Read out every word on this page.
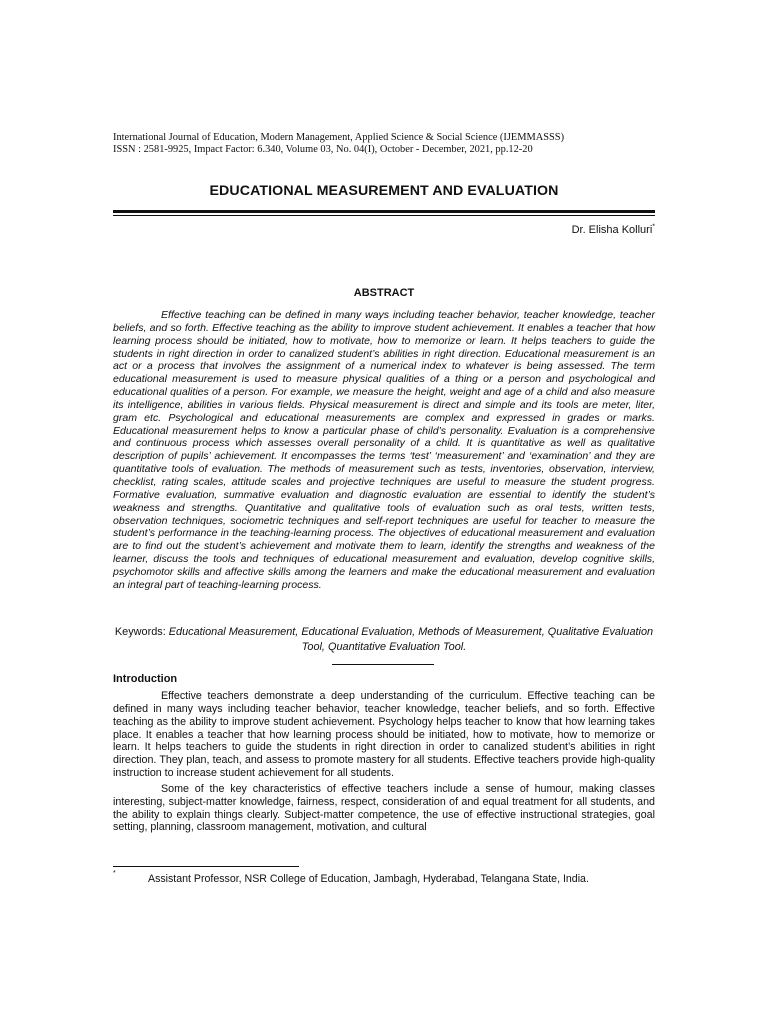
International Journal of Education, Modern Management, Applied Science & Social Science (IJEMMASSS)
ISSN : 2581-9925, Impact Factor: 6.340, Volume 03, No. 04(I), October - December, 2021, pp.12-20
EDUCATIONAL MEASUREMENT AND EVALUATION
Dr. Elisha Kolluri*
ABSTRACT

Effective teaching can be defined in many ways including teacher behavior, teacher knowledge, teacher beliefs, and so forth. Effective teaching as the ability to improve student achievement. It enables a teacher that how learning process should be initiated, how to motivate, how to memorize or learn. It helps teachers to guide the students in right direction in order to canalized student’s abilities in right direction. Educational measurement is an act or a process that involves the assignment of a numerical index to whatever is being assessed. The term educational measurement is used to measure physical qualities of a thing or a person and psychological and educational qualities of a person. For example, we measure the height, weight and age of a child and also measure its intelligence, abilities in various fields. Physical measurement is direct and simple and its tools are meter, liter, gram etc. Psychological and educational measurements are complex and expressed in grades or marks. Educational measurement helps to know a particular phase of child’s personality. Evaluation is a comprehensive and continuous process which assesses overall personality of a child. It is quantitative as well as qualitative description of pupils’ achievement. It encompasses the terms ‘test’ ‘measurement’ and ‘examination’ and they are quantitative tools of evaluation. The methods of measurement such as tests, inventories, observation, interview, checklist, rating scales, attitude scales and projective techniques are useful to measure the student progress. Formative evaluation, summative evaluation and diagnostic evaluation are essential to identify the student’s weakness and strengths. Quantitative and qualitative tools of evaluation such as oral tests, written tests, observation techniques, sociometric techniques and self-report techniques are useful for teacher to measure the student’s performance in the teaching-learning process. The objectives of educational measurement and evaluation are to find out the student’s achievement and motivate them to learn, identify the strengths and weakness of the learner, discuss the tools and techniques of educational measurement and evaluation, develop cognitive skills, psychomotor skills and affective skills among the learners and make the educational measurement and evaluation an integral part of teaching-learning process.

Keywords: Educational Measurement, Educational Evaluation, Methods of Measurement, Qualitative Evaluation Tool, Quantitative Evaluation Tool.
Introduction

Effective teachers demonstrate a deep understanding of the curriculum. Effective teaching can be defined in many ways including teacher behavior, teacher knowledge, teacher beliefs, and so forth. Effective teaching as the ability to improve student achievement. Psychology helps teacher to know that how learning takes place. It enables a teacher that how learning process should be initiated, how to motivate, how to memorize or learn. It helps teachers to guide the students in right direction in order to canalized student’s abilities in right direction. They plan, teach, and assess to promote mastery for all students. Effective teachers provide high-quality instruction to increase student achievement for all students.

Some of the key characteristics of effective teachers include a sense of humour, making classes interesting, subject-matter knowledge, fairness, respect, consideration of and equal treatment for all students, and the ability to explain things clearly. Subject-matter competence, the use of effective instructional strategies, goal setting, planning, classroom management, motivation, and cultural

*	Assistant Professor, NSR College of Education, Jambagh, Hyderabad, Telangana State, India.
